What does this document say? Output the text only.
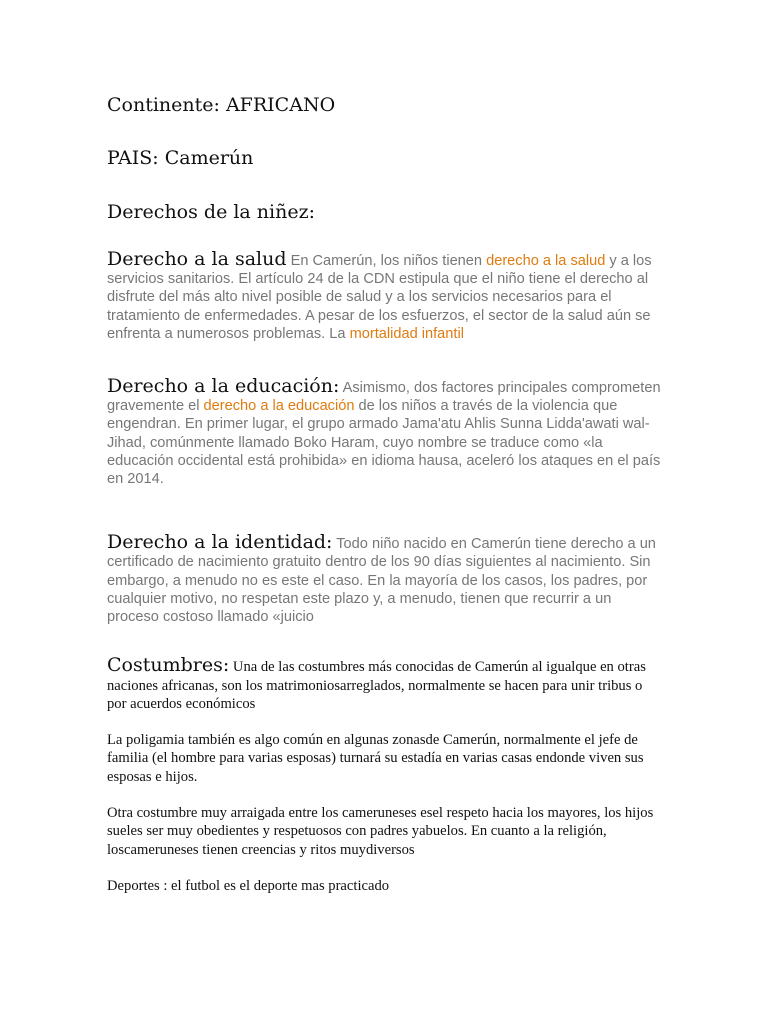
Continente: AFRICANO

PAIS: Camerún

Derechos de la niñez:

Derecho a la salud En Camerún, los niños tienen derecho a la salud y a los servicios sanitarios. El artículo 24 de la CDN estipula que el niño tiene el derecho al disfrute del más alto nivel posible de salud y a los servicios necesarios para el tratamiento de enfermedades. A pesar de los esfuerzos, el sector de la salud aún se enfrenta a numerosos problemas. La mortalidad infantil

Derecho a la educación: Asimismo, dos factores principales comprometen gravemente el derecho a la educación de los niños a través de la violencia que engendran. En primer lugar, el grupo armado Jama'atu Ahlis Sunna Lidda'awati wal-Jihad, comúnmente llamado Boko Haram, cuyo nombre se traduce como «la educación occidental está prohibida» en idioma hausa, aceleró los ataques en el país en 2014.

Derecho a la identidad: Todo niño nacido en Camerún tiene derecho a un certificado de nacimiento gratuito dentro de los 90 días siguientes al nacimiento. Sin embargo, a menudo no es este el caso. En la mayoría de los casos, los padres, por cualquier motivo, no respetan este plazo y, a menudo, tienen que recurrir a un proceso costoso llamado «juicio

Costumbres: Una de las costumbres más conocidas de Camerún al igualque en otras naciones africanas, son los matrimoniosarreglados, normalmente se hacen para unir tribus o por acuerdos económicos

La poligamia también es algo común en algunas zonasde Camerún, normalmente el jefe de familia (el hombre para varias esposas) turnará su estadía en varias casas endonde viven sus esposas e hijos.

Otra costumbre muy arraigada entre los cameruneses esel respeto hacia los mayores, los hijos sueles ser muy obedientes y respetuosos con padres yabuelos. En cuanto a la religión, loscameruneses tienen creencias y ritos muydiversos

Deportes : el futbol es el deporte mas practicado
